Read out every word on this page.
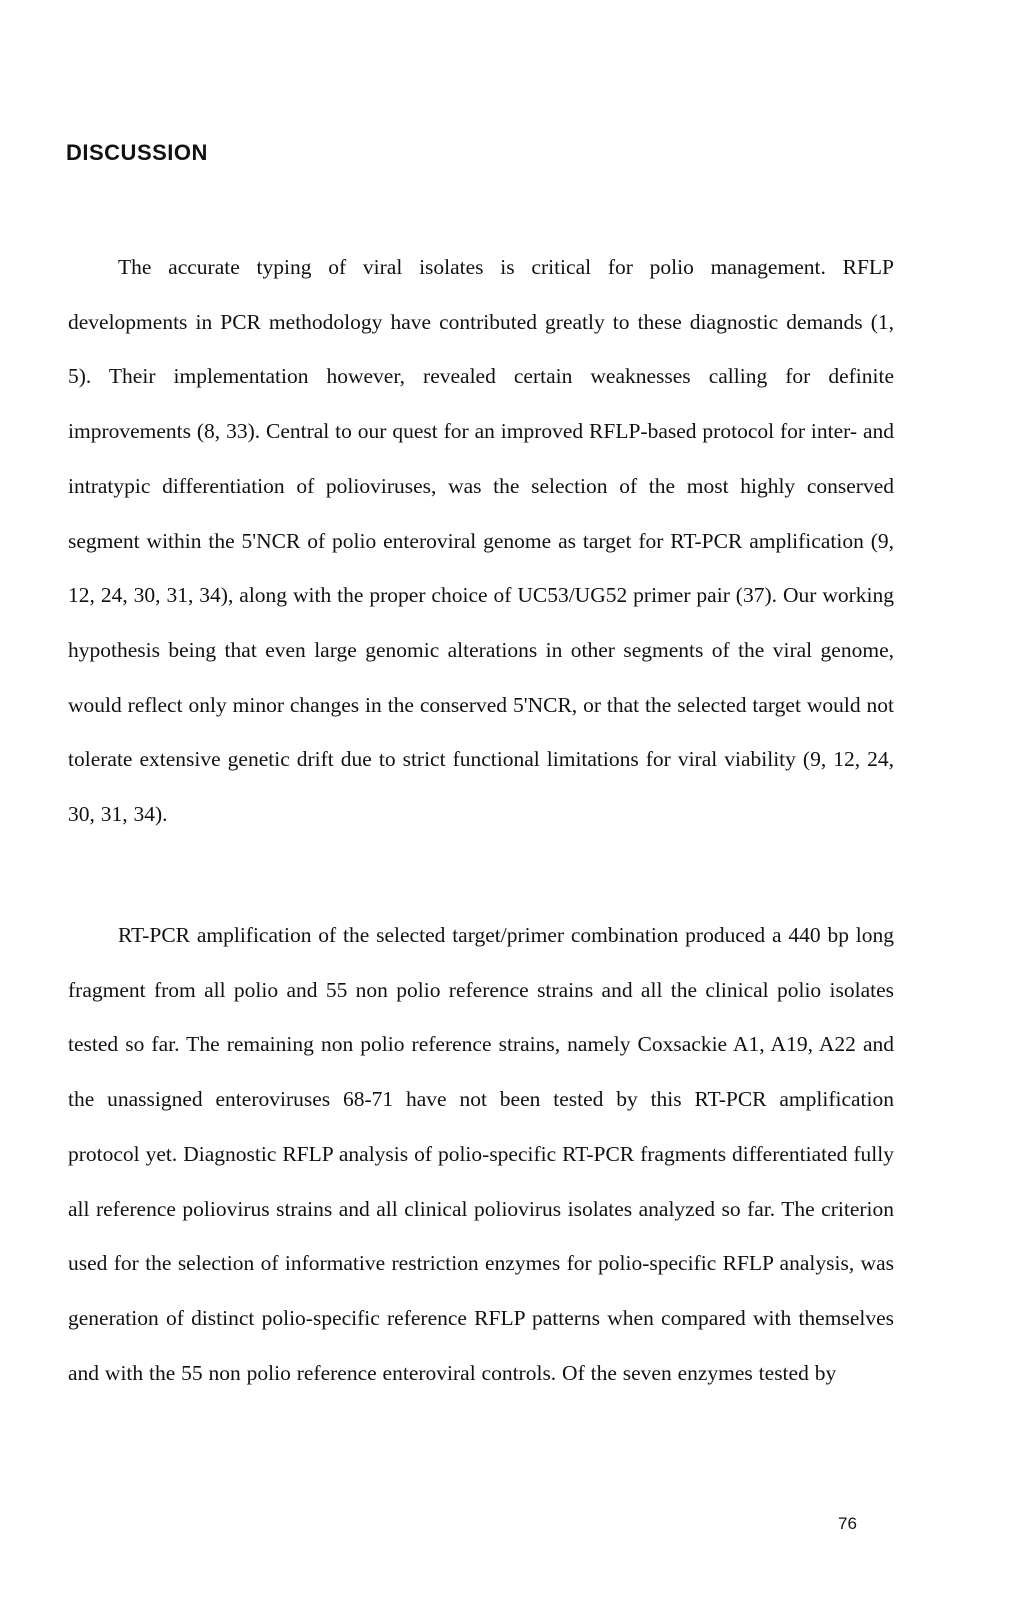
DISCUSSION

The accurate typing of viral isolates is critical for polio management. RFLP developments in PCR methodology have contributed greatly to these diagnostic demands (1, 5). Their implementation however, revealed certain weaknesses calling for definite improvements (8, 33). Central to our quest for an improved RFLP-based protocol for inter- and intratypic differentiation of polioviruses, was the selection of the most highly conserved segment within the 5'NCR of polio enteroviral genome as target for RT-PCR amplification (9, 12, 24, 30, 31, 34), along with the proper choice of UC53/UG52 primer pair (37). Our working hypothesis being that even large genomic alterations in other segments of the viral genome, would reflect only minor changes in the conserved 5'NCR, or that the selected target would not tolerate extensive genetic drift due to strict functional limitations for viral viability (9, 12, 24, 30, 31, 34).

RT-PCR amplification of the selected target/primer combination produced a 440 bp long fragment from all polio and 55 non polio reference strains and all the clinical polio isolates tested so far. The remaining non polio reference strains, namely Coxsackie A1, A19, A22 and the unassigned enteroviruses 68-71 have not been tested by this RT-PCR amplification protocol yet. Diagnostic RFLP analysis of polio-specific RT-PCR fragments differentiated fully all reference poliovirus strains and all clinical poliovirus isolates analyzed so far. The criterion used for the selection of informative restriction enzymes for polio-specific RFLP analysis, was generation of distinct polio-specific reference RFLP patterns when compared with themselves and with the 55 non polio reference enteroviral controls. Of the seven enzymes tested by

76
